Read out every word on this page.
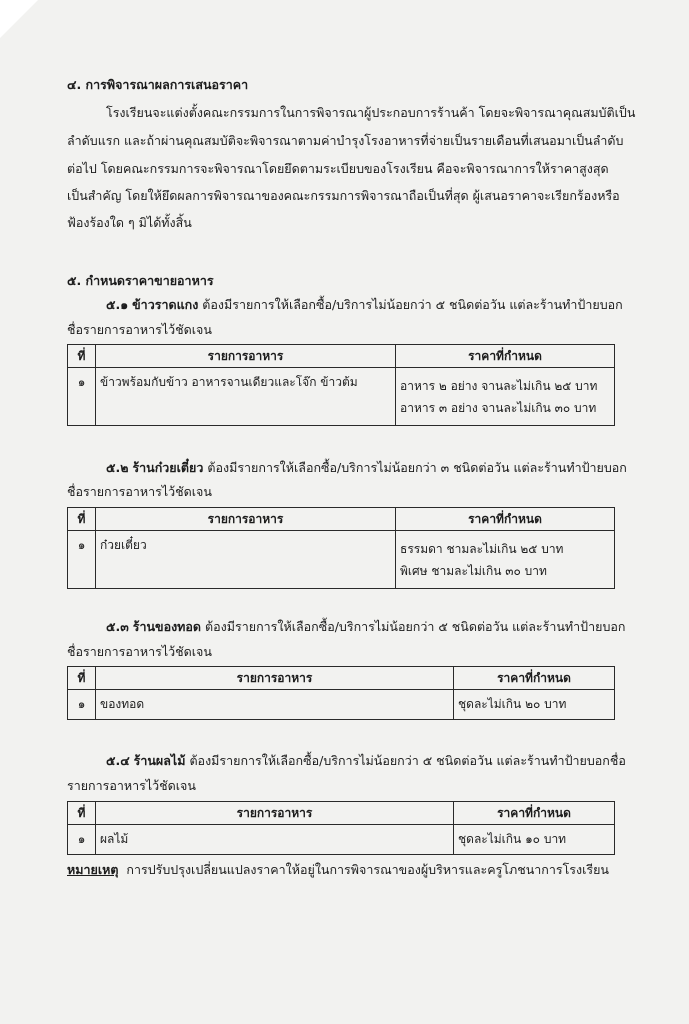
๔. การพิจารณาผลการเสนอราคา
โรงเรียนจะแต่งตั้งคณะกรรมการในการพิจารณาผู้ประกอบการร้านค้า โดยจะพิจารณาคุณสมบัติเป็น
ลำดับแรก และถ้าผ่านคุณสมบัติจะพิจารณาตามค่าบำรุงโรงอาหารที่จ่ายเป็นรายเดือนที่เสนอมาเป็นลำดับ
ต่อไป โดยคณะกรรมการจะพิจารณาโดยยึดตามระเบียบของโรงเรียน คือจะพิจารณาการให้ราคาสูงสุด
เป็นสำคัญ โดยให้ยึดผลการพิจารณาของคณะกรรมการพิจารณาถือเป็นที่สุด ผู้เสนอราคาจะเรียกร้องหรือ
ฟ้องร้องใด ๆ มิได้ทั้งสิ้น
๕. กำหนดราคาขายอาหาร
๕.๑ ข้าวราดแกง ต้องมีรายการให้เลือกซื้อ/บริการไม่น้อยกว่า ๕ ชนิดต่อวัน แต่ละร้านทำป้ายบอก
ชื่อรายการอาหารไว้ชัดเจน
ที่	รายการอาหาร	ราคาที่กำหนด
๑	ข้าวพร้อมกับข้าว อาหารจานเดียวและโจ๊ก ข้าวต้ม	อาหาร ๒ อย่าง จานละไม่เกิน ๒๕ บาท
อาหาร ๓ อย่าง จานละไม่เกิน ๓๐ บาท
๕.๒ ร้านก๋วยเตี๋ยว ต้องมีรายการให้เลือกซื้อ/บริการไม่น้อยกว่า ๓ ชนิดต่อวัน แต่ละร้านทำป้ายบอก
ชื่อรายการอาหารไว้ชัดเจน
ที่	รายการอาหาร	ราคาที่กำหนด
๑	ก๋วยเตี๋ยว	ธรรมดา ชามละไม่เกิน ๒๕ บาท
พิเศษ ชามละไม่เกิน ๓๐ บาท
๕.๓ ร้านของทอด ต้องมีรายการให้เลือกซื้อ/บริการไม่น้อยกว่า ๕ ชนิดต่อวัน แต่ละร้านทำป้ายบอก
ชื่อรายการอาหารไว้ชัดเจน
ที่	รายการอาหาร	ราคาที่กำหนด
๑	ของทอด	ชุดละไม่เกิน ๒๐ บาท
๕.๔ ร้านผลไม้ ต้องมีรายการให้เลือกซื้อ/บริการไม่น้อยกว่า ๕ ชนิดต่อวัน แต่ละร้านทำป้ายบอกชื่อ
รายการอาหารไว้ชัดเจน
ที่	รายการอาหาร	ราคาที่กำหนด
๑	ผลไม้	ชุดละไม่เกิน ๑๐ บาท
หมายเหตุ การปรับปรุงเปลี่ยนแปลงราคาให้อยู่ในการพิจารณาของผู้บริหารและครูโภชนาการโรงเรียน
